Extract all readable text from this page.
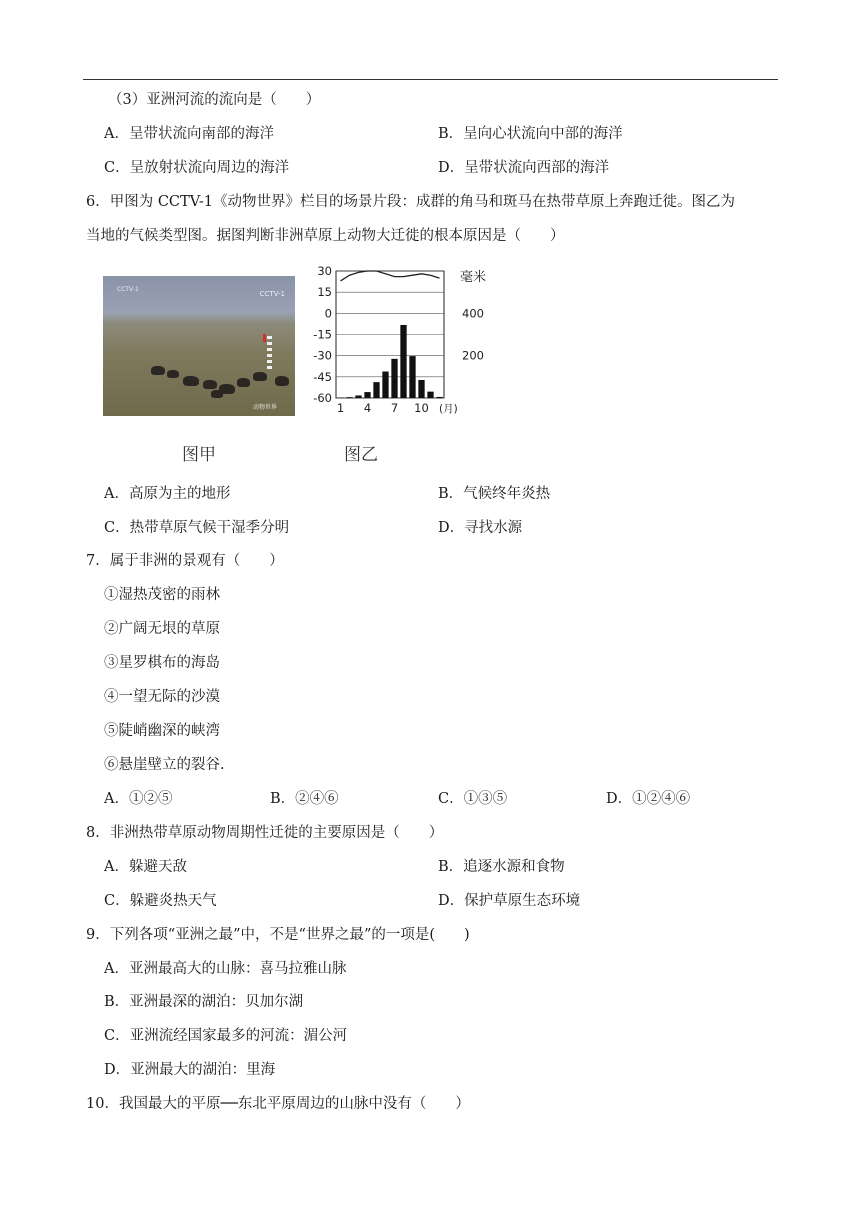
（3）亚洲河流的流向是（　　）
A．呈带状流向南部的海洋	B．呈向心状流向中部的海洋
C．呈放射状流向周边的海洋	D．呈带状流向西部的海洋
6．甲图为 CCTV-1《动物世界》栏目的场景片段：成群的角马和斑马在热带草原上奔跑迁徙。图乙为
当地的气候类型图。据图判断非洲草原上动物大迁徙的根本原因是（　　）
CCTV-1
CCTV-1
动物世界
30
15
0
-15
-30
-45
-60
400
200
毫米
1 4 7 10 (月)
图甲	图乙
A．高原为主的地形	B．气候终年炎热
C．热带草原气候干湿季分明	D．寻找水源
7．属于非洲的景观有（　　）
①湿热茂密的雨林
②广阔无垠的草原
③星罗棋布的海岛
④一望无际的沙漠
⑤陡峭幽深的峡湾
⑥悬崖壁立的裂谷.
A．①②⑤	B．②④⑥	C．①③⑤	D．①②④⑥
8．非洲热带草原动物周期性迁徙的主要原因是（　　）
A．躲避天敌	B．追逐水源和食物
C．躲避炎热天气	D．保护草原生态环境
9．下列各项“亚洲之最”中，不是“世界之最”的一项是(　　)
A．亚洲最高大的山脉：喜马拉雅山脉
B．亚洲最深的湖泊：贝加尔湖
C．亚洲流经国家最多的河流：湄公河
D．亚洲最大的湖泊：里海
10．我国最大的平原──东北平原周边的山脉中没有（　　）
